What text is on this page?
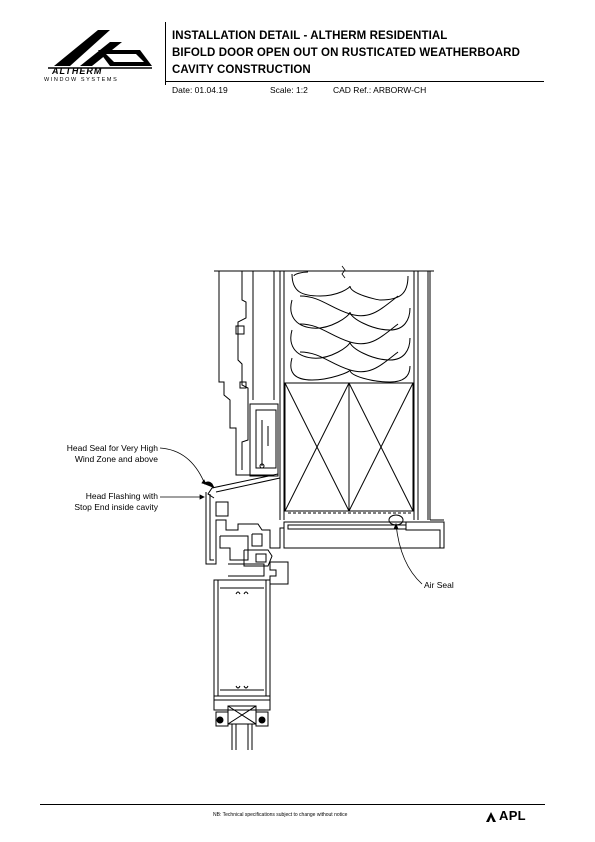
ALTHERM
WINDOW SYSTEMS
INSTALLATION DETAIL - ALTHERM RESIDENTIAL
BIFOLD DOOR OPEN OUT ON RUSTICATED WEATHERBOARD
CAVITY CONSTRUCTION
Date: 01.04.19	Scale: 1:2	CAD Ref.: ARBORW-CH
Head Seal for Very High
Wind Zone and above
Head Flashing with
Stop End inside cavity
Air Seal
NB: Technical specifications subject to change without notice	APL
